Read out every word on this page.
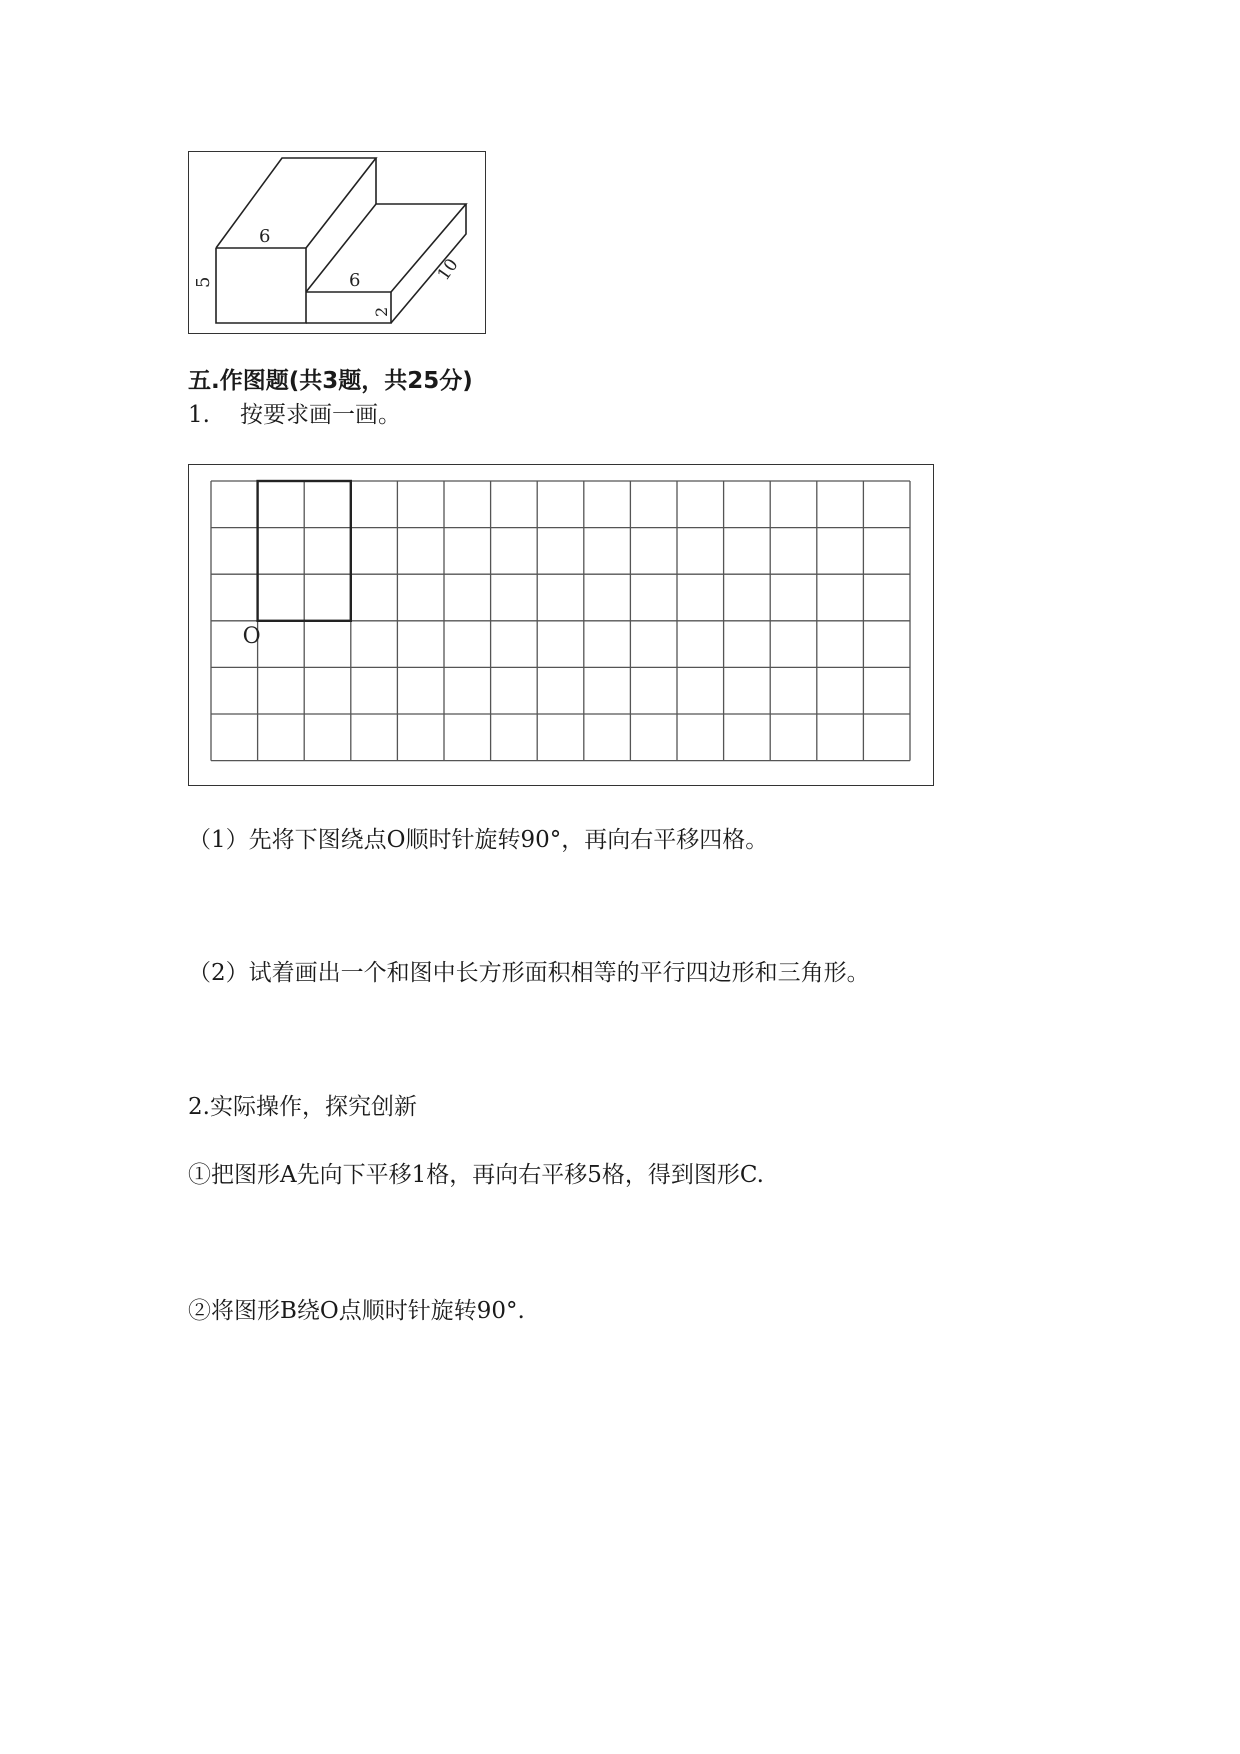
6
5	6
2
10
五.作图题(共3题，共25分)
1. 按要求画一画。
O
（1）先将下图绕点O顺时针旋转90°，再向右平移四格。
（2）试着画出一个和图中长方形面积相等的平行四边形和三角形。
2.实际操作，探究创新
①把图形A先向下平移1格，再向右平移5格，得到图形C.
②将图形B绕O点顺时针旋转90°.
